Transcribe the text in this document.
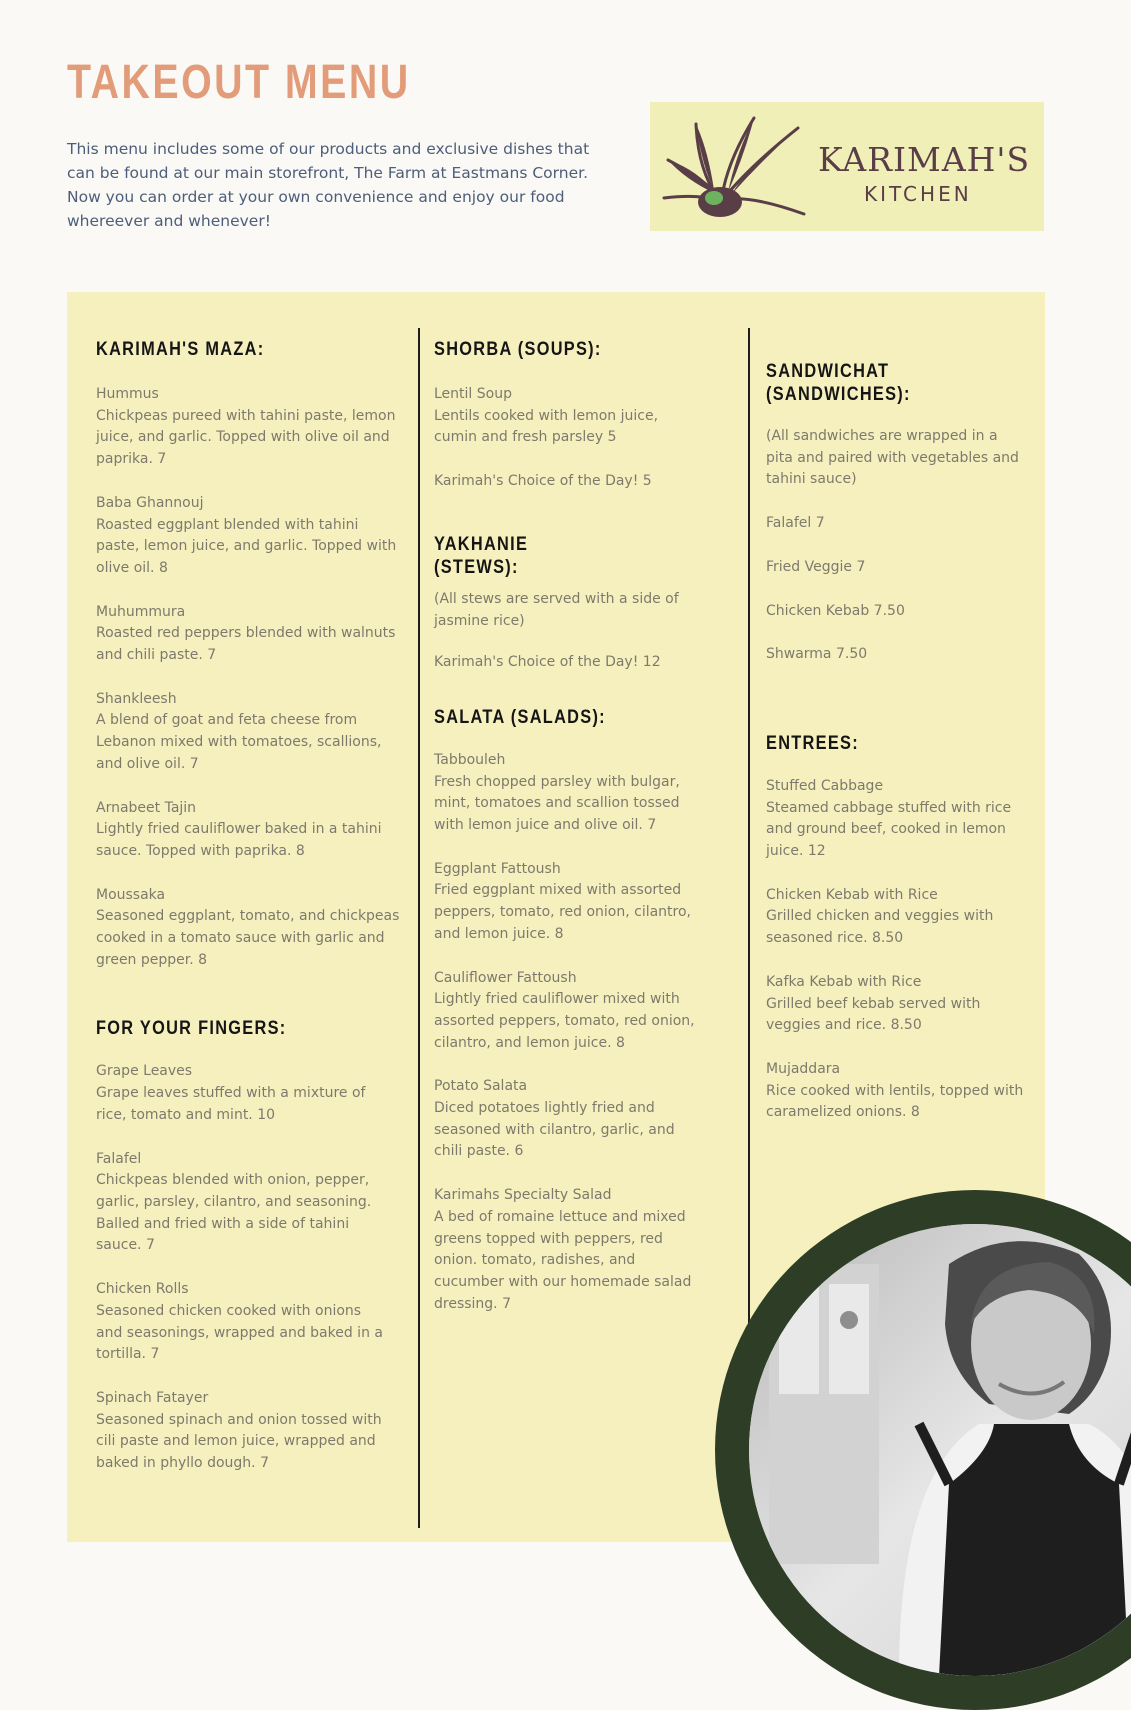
TAKEOUT MENU

This menu includes some of our products and exclusive dishes that
can be found at our main storefront, The Farm at Eastmans Corner.
Now you can order at your own convenience and enjoy our food
whereever and whenever!

KARIMAH'S

KITCHEN

KARIMAH'S MAZA:

Hummus

Chickpeas pureed with tahini paste, lemon

juice, and garlic. Topped with olive oil and

paprika. 7

Baba Ghannouj

Roasted eggplant blended with tahini

paste, lemon juice, and garlic. Topped with

olive oil. 8

Muhummura

Roasted red peppers blended with walnuts

and chili paste. 7

Shankleesh

A blend of goat and feta cheese from

Lebanon mixed with tomatoes, scallions,

and olive oil. 7

Arnabeet Tajin

Lightly fried cauliflower baked in a tahini

sauce. Topped with paprika. 8

Moussaka

Seasoned eggplant, tomato, and chickpeas

cooked in a tomato sauce with garlic and

green pepper. 8

FOR YOUR FINGERS:

Grape Leaves

Grape leaves stuffed with a mixture of

rice, tomato and mint. 10

Falafel

Chickpeas blended with onion, pepper,

garlic, parsley, cilantro, and seasoning.

Balled and fried with a side of tahini

sauce. 7

Chicken Rolls

Seasoned chicken cooked with onions

and seasonings, wrapped and baked in a

tortilla. 7

Spinach Fatayer

Seasoned spinach and onion tossed with

cili paste and lemon juice, wrapped and

baked in phyllo dough. 7

SHORBA (SOUPS):

Lentil Soup

Lentils cooked with lemon juice,

cumin and fresh parsley 5

Karimah's Choice of the Day! 5

YAKHANIE
(STEWS):

(All stews are served with a side of

jasmine rice)

Karimah's Choice of the Day! 12

SALATA (SALADS):

Tabbouleh

Fresh chopped parsley with bulgar,

mint, tomatoes and scallion tossed

with lemon juice and olive oil. 7

Eggplant Fattoush

Fried eggplant mixed with assorted

peppers, tomato, red onion, cilantro,

and lemon juice. 8

Cauliflower Fattoush

Lightly fried cauliflower mixed with

assorted peppers, tomato, red onion,

cilantro, and lemon juice. 8

Potato Salata

Diced potatoes lightly fried and

seasoned with cilantro, garlic, and

chili paste. 6

Karimahs Specialty Salad

A bed of romaine lettuce and mixed

greens topped with peppers, red

onion. tomato, radishes, and

cucumber with our homemade salad

dressing. 7

SANDWICHAT (SANDWICHES):

(All sandwiches are wrapped in a

pita and paired with vegetables and

tahini sauce)

Falafel 7

Fried Veggie 7

Chicken Kebab 7.50

Shwarma 7.50

ENTREES:

Stuffed Cabbage

Steamed cabbage stuffed with rice

and ground beef, cooked in lemon

juice. 12

Chicken Kebab with Rice

Grilled chicken and veggies with

seasoned rice. 8.50

Kafka Kebab with Rice

Grilled beef kebab served with

veggies and rice. 8.50

Mujaddara

Rice cooked with lentils, topped with

caramelized onions. 8
